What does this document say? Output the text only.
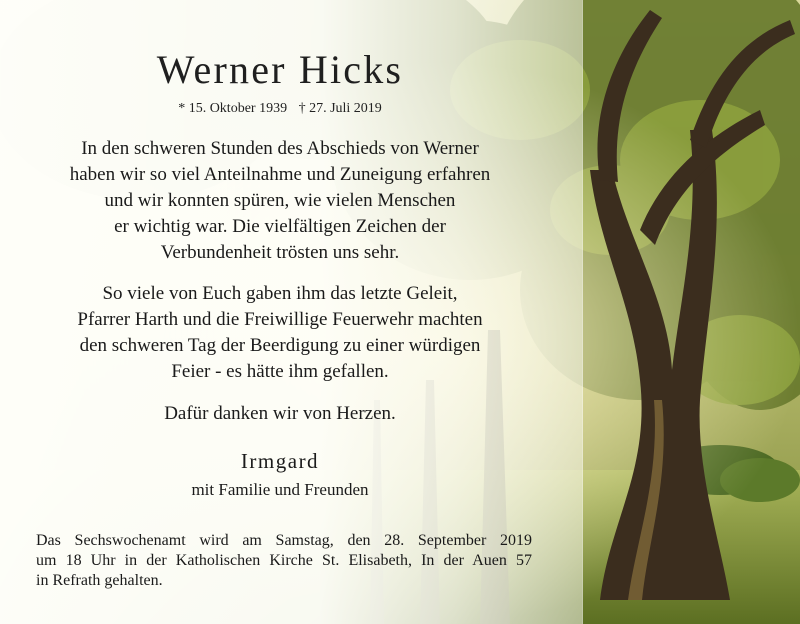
Werner Hicks
* 15. Oktober 1939 † 27. Juli 2019
In den schweren Stunden des Abschieds von Werner
haben wir so viel Anteilnahme und Zuneigung erfahren
und wir konnten spüren, wie vielen Menschen
er wichtig war. Die vielfältigen Zeichen der
Verbundenheit trösten uns sehr.
So viele von Euch gaben ihm das letzte Geleit,
Pfarrer Harth und die Freiwillige Feuerwehr machten
den schweren Tag der Beerdigung zu einer würdigen
Feier - es hätte ihm gefallen.
Dafür danken wir von Herzen.
Irmgard
mit Familie und Freunden
Das Sechswochenamt wird am Samstag, den 28. September 2019
um 18 Uhr in der Katholischen Kirche St. Elisabeth, In der Auen 57
in Refrath gehalten.
